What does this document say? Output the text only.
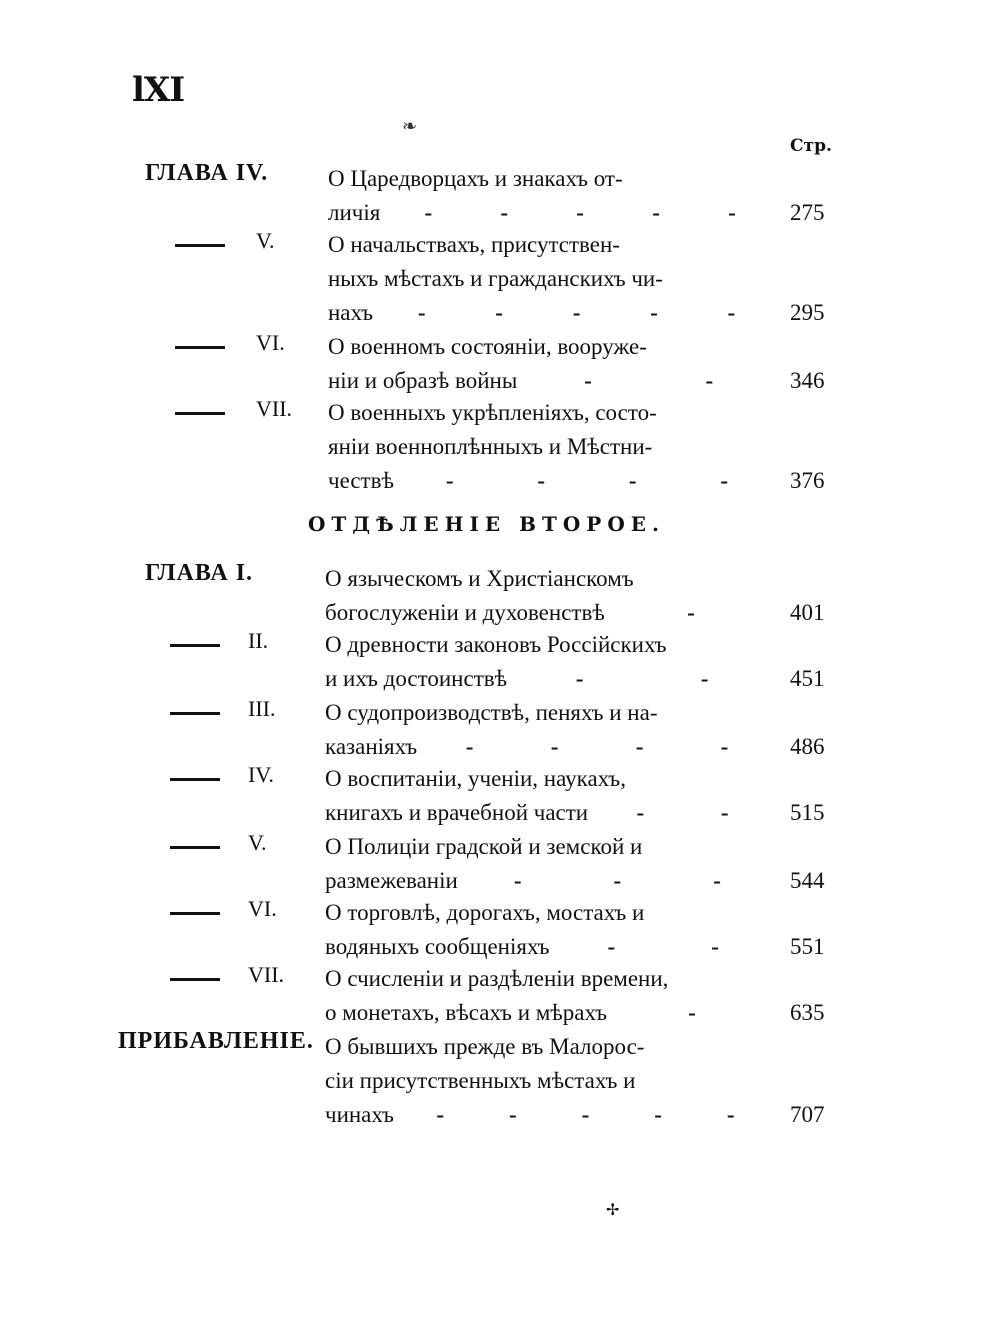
lXI
❧
Стр.
ГЛАВА IV.	О Царедворцахъ и знакахъ от-
личія -	-	-	-	- 275
V. О начальствахъ, присутствен-
ныхъ мѣстахъ и гражданскихъ чи-
нахъ -	-	-	-	- 295
VI. О военномъ состояніи, вооруже-
ніи и образѣ войны	-	-	346
VII. О военныхъ укрѣпленіяхъ, состо-
яніи военноплѣнныхъ и Мѣстни-
чествѣ -	-	-	-	376
ГЛАВА I.	О языческомъ и Христіанскомъ
богослуженіи и духовенствѣ	-	401
II. О древности законовъ Россійскихъ
и ихъ достоинствѣ	-	-	451
III. О судопроизводствѣ, пеняхъ и на-
казаніяхъ -	-	-	-	486
IV. О воспитаніи, ученіи, наукахъ,
книгахъ и врачебной части -	-	515
V.	О Полиціи градской и земской и
размежеваніи -	-	-	544
VI. О торговлѣ, дорогахъ, мостахъ и
водяныхъ сообщеніяхъ	-	-	551
VII. О счисленіи и раздѣленіи времени,
о монетахъ, вѣсахъ и мѣрахъ	-	635
ПРИБАВЛЕНІЕ. О бывшихъ прежде въ Малорос-
сіи присутственныхъ мѣстахъ и
чинахъ -	-	-	-	- 707
ОТДѢЛЕНІЕ ВТОРОЕ.
✢
